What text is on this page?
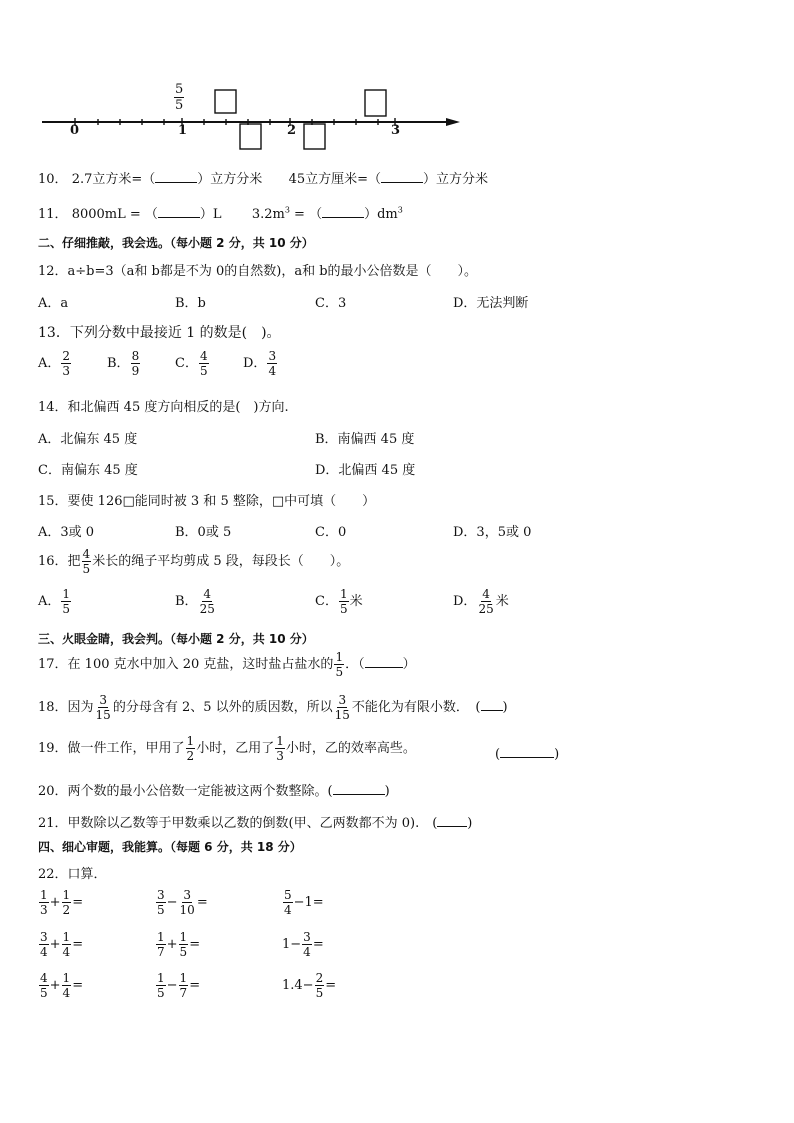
0	1	2	3
$\frac{5}{5}$
10． 2.7立方米=（	）立方分米 45立方厘米=（	）立方分米
11． 8000mL = （	）L $3.2m^3$ = （	）$dm^3$
二、仔细推敲，我会选。（每小题 2 分，共 10 分）
12．a÷b=3（a和 b都是不为 0的自然数)，a和 b的最小公倍数是（　　）。
A．a	B．b	C．3	D．无法判断
13．下列分数中最接近 1 的数是(　)。
A． $\frac{2}{3}$	B． $\frac{8}{9}$	C． $\frac{4}{5}$	D． $\frac{3}{4}$
14．和北偏西 45 度方向相反的是(　)方向.
A．北偏东 45 度	B．南偏西 45 度
C．南偏东 45 度	D．北偏西 45 度
15．要使 126□能同时被 3 和 5 整除，□中可填（　　）
A．3或 0	B．0或 5	C．0	D．3，5或 0
16．把 $\frac{4}{5}$ 米长的绳子平均剪成 5 段，每段长（　　）。
A． $\frac{1}{5}$	B． $\frac{4}{25}$	C． $\frac{1}{5}$ 米	D． $\frac{4}{25}$ 米
三、火眼金睛，我会判。（每小题 2 分，共 10 分）
17．在 100 克水中加入 20 克盐，这时盐占盐水的 $\frac{1}{5}$ ．（	）
18．因为 $\frac{3}{15}$ 的分母含有 2、5 以外的质因数，所以 $\frac{3}{15}$ 不能化为有限小数．　( )
19．做一件工作，甲用了 $\frac{1}{2}$ 小时，乙用了 $\frac{1}{3}$ 小时，乙的效率高些。	(	)
20．两个数的最小公倍数一定能被这两个数整除。(	)
21．甲数除以乙数等于甲数乘以乙数的倒数(甲、乙两数都不为 0).　( )
四、细心审题，我能算。（每题 6 分，共 18 分）
22．口算．
$\frac{1}{3} + \frac{1}{2}$ =	$\frac{3}{5} - \frac{3}{10}$ =	$\frac{5}{4} -1=$
$\frac{3}{4} + \frac{1}{4}$ =	$\frac{1}{7} + \frac{1}{5}$ =	$1- \frac{3}{4}$ =
$\frac{4}{5} + \frac{1}{4}$ =	$\frac{1}{5} - \frac{1}{7}$ =	$1.4- \frac{2}{5}$ =
